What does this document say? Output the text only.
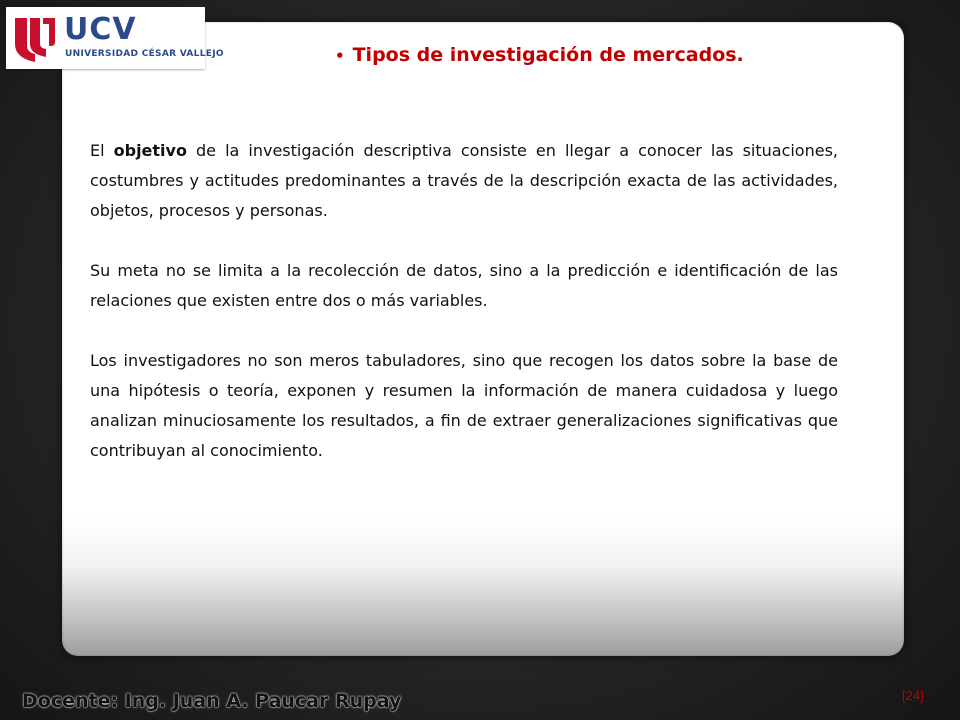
UCV
UNIVERSIDAD CÉSAR VALLEJO	• Tipos de investigación de mercados.

El objetivo de la investigación descriptiva consiste en llegar a conocer las situaciones, costumbres y actitudes predominantes a través de la descripción exacta de las actividades, objetos, procesos y personas.

Su meta no se limita a la recolección de datos, sino a la predicción e identificación de las relaciones que existen entre dos o más variables.

Los investigadores no son meros tabuladores, sino que recogen los datos sobre la base de una hipótesis o teoría, exponen y resumen la información de manera cuidadosa y luego analizan minuciosamente los resultados, a fin de extraer generalizaciones significativas que contribuyan al conocimiento.

Docente: Ing. Juan A. Paucar Rupay	[24]
